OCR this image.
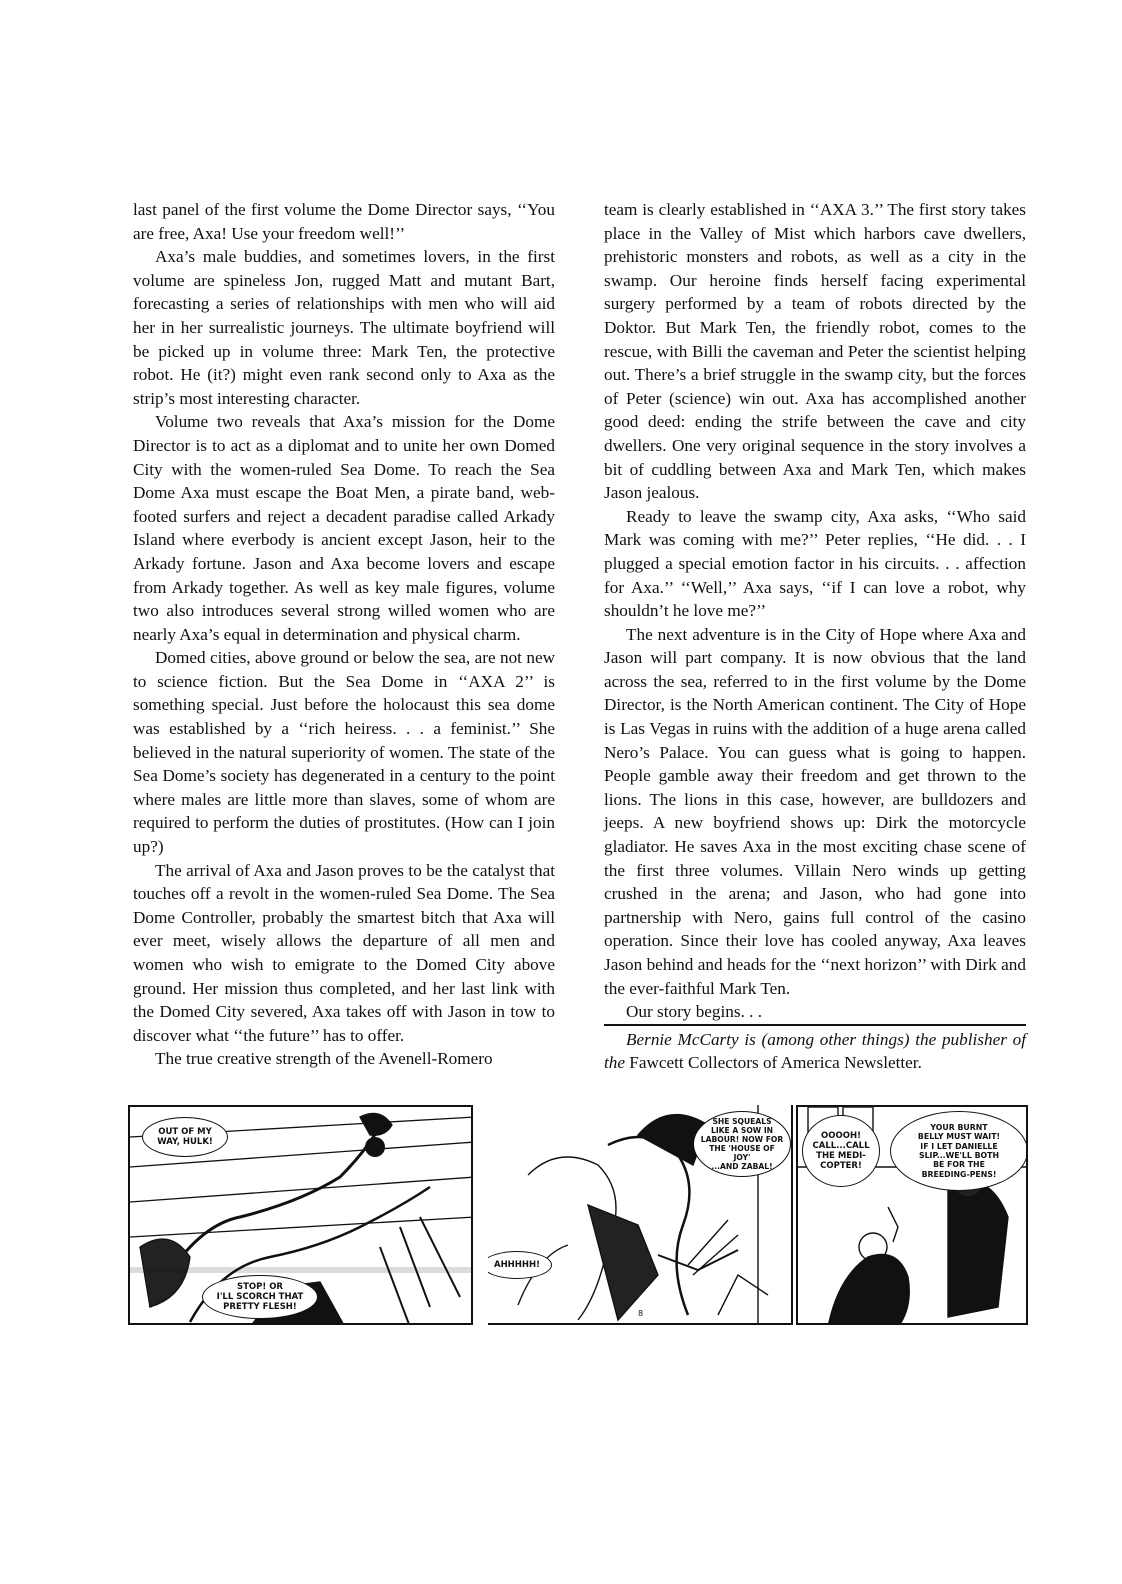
last panel of the first volume the Dome Director says, ‘‘You are free, Axa! Use your freedom well!’’

Axa’s male buddies, and sometimes lovers, in the first volume are spineless Jon, rugged Matt and mutant Bart, forecasting a series of relationships with men who will aid her in her surrealistic journeys. The ultimate boyfriend will be picked up in volume three: Mark Ten, the protective robot. He (it?) might even rank second only to Axa as the strip’s most interesting character.

Volume two reveals that Axa’s mission for the Dome Director is to act as a diplomat and to unite her own Domed City with the women-ruled Sea Dome. To reach the Sea Dome Axa must escape the Boat Men, a pirate band, web-footed surfers and reject a decadent paradise called Arkady Island where everbody is ancient except Jason, heir to the Arkady fortune. Jason and Axa become lovers and escape from Arkady together. As well as key male figures, volume two also introduces several strong willed women who are nearly Axa’s equal in determination and physical charm.

Domed cities, above ground or below the sea, are not new to science fiction. But the Sea Dome in ‘‘AXA 2’’ is something special. Just before the holocaust this sea dome was established by a ‘‘rich heiress. . . a feminist.’’ She believed in the natural superiority of women. The state of the Sea Dome’s society has degenerated in a century to the point where males are little more than slaves, some of whom are required to perform the duties of prostitutes. (How can I join up?)

The arrival of Axa and Jason proves to be the catalyst that touches off a revolt in the women-ruled Sea Dome. The Sea Dome Controller, probably the smartest bitch that Axa will ever meet, wisely allows the departure of all men and women who wish to emigrate to the Domed City above ground. Her mission thus completed, and her last link with the Domed City severed, Axa takes off with Jason in tow to discover what ‘‘the future’’ has to offer.

The true creative strength of the Avenell-Romero

team is clearly established in ‘‘AXA 3.’’ The first story takes place in the Valley of Mist which harbors cave dwellers, prehistoric monsters and robots, as well as a city in the swamp. Our heroine finds herself facing experimental surgery performed by a team of robots directed by the Doktor. But Mark Ten, the friendly robot, comes to the rescue, with Billi the caveman and Peter the scientist helping out. There’s a brief struggle in the swamp city, but the forces of Peter (science) win out. Axa has accomplished another good deed: ending the strife between the cave and city dwellers. One very original sequence in the story involves a bit of cuddling between Axa and Mark Ten, which makes Jason jealous.

Ready to leave the swamp city, Axa asks, ‘‘Who said Mark was coming with me?’’ Peter replies, ‘‘He did. . . I plugged a special emotion factor in his circuits. . . affection for Axa.’’ ‘‘Well,’’ Axa says, ‘‘if I can love a robot, why shouldn’t he love me?’’

The next adventure is in the City of Hope where Axa and Jason will part company. It is now obvious that the land across the sea, referred to in the first volume by the Dome Director, is the North American continent. The City of Hope is Las Vegas in ruins with the addition of a huge arena called Nero’s Palace. You can guess what is going to happen. People gamble away their freedom and get thrown to the lions. The lions in this case, however, are bulldozers and jeeps. A new boyfriend shows up: Dirk the motorcycle gladiator. He saves Axa in the most exciting chase scene of the first three volumes. Villain Nero winds up getting crushed in the arena; and Jason, who had gone into partnership with Nero, gains full control of the casino operation. Since their love has cooled anyway, Axa leaves Jason behind and heads for the ‘‘next horizon’’ with Dirk and the ever-faithful Mark Ten.

Our story begins. . .

Bernie McCarty is (among other things) the publisher of the Fawcett Collectors of America Newsletter.

OUT OF MY
WAY, HULK!
STOP! OR
I'LL SCORCH THAT
PRETTY FLESH!
SHE SQUEALS
LIKE A SOW IN
LABOUR! NOW FOR
THE 'HOUSE OF JOY'
...AND ZABAL!
AHHHHH!
8
OOOOH!
CALL...CALL
THE MEDI-
COPTER!
YOUR BURNT
BELLY MUST WAIT!
IF I LET DANIELLE
SLIP...WE'LL BOTH
BE FOR THE
BREEDING-PENS!
